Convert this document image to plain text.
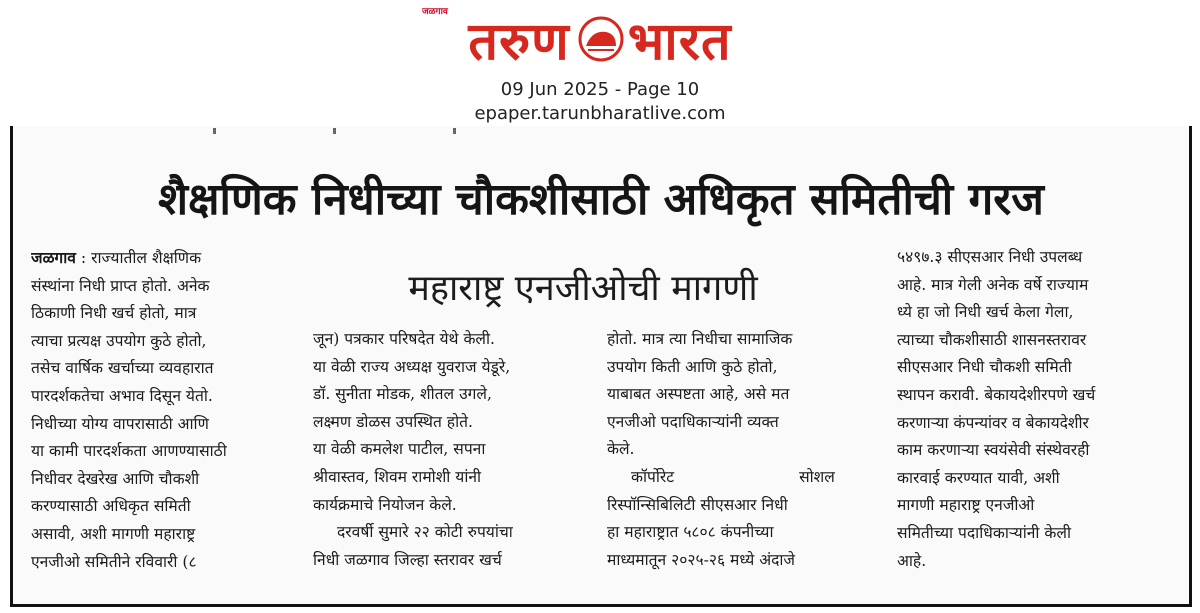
जळगाव तरुण भारत
09 Jun 2025 - Page 10
epaper.tarunbharatlive.com
शैक्षणिक निधीच्या चौकशीसाठी अधिकृत समितीची गरज
महाराष्ट्र एनजीओची मागणी
जळगाव : राज्यातील शैक्षणिक
संस्थांना निधी प्राप्त होतो. अनेक
ठिकाणी निधी खर्च होतो, मात्र
त्याचा प्रत्यक्ष उपयोग कुठे होतो,
तसेच वार्षिक खर्चाच्या व्यवहारात
पारदर्शकतेचा अभाव दिसून येतो.
निधीच्या योग्य वापरासाठी आणि
या कामी पारदर्शकता आणण्यासाठी
निधीवर देखरेख आणि चौकशी
करण्यासाठी अधिकृत समिती
असावी, अशी मागणी महाराष्ट्र
एनजीओ समितीने रविवारी (८
जून) पत्रकार परिषदेत येथे केली.
या वेळी राज्य अध्यक्ष युवराज येडूरे,
डॉ. सुनीता मोडक, शीतल उगले,
लक्ष्मण डोळस उपस्थित होते.
या वेळी कमलेश पाटील, सपना
श्रीवास्तव, शिवम रामोशी यांनी
कार्यक्रमाचे नियोजन केले.
दरवर्षी सुमारे २२ कोटी रुपयांचा
निधी जळगाव जिल्हा स्तरावर खर्च
होतो. मात्र त्या निधीचा सामाजिक
उपयोग किती आणि कुठे होतो,
याबाबत अस्पष्टता आहे, असे मत
एनजीओ पदाधिकाऱ्यांनी व्यक्त
केले.
कॉर्पोरेट सोशल
रिस्पॉन्सिबिलिटी सीएसआर निधी
हा महाराष्ट्रात ५८०८ कंपनीच्या
माध्यमातून २०२५-२६ मध्ये अंदाजे
५४९७.३ सीएसआर निधी उपलब्ध
आहे. मात्र गेली अनेक वर्षे राज्याम
ध्ये हा जो निधी खर्च केला गेला,
त्याच्या चौकशीसाठी शासनस्तरावर
सीएसआर निधी चौकशी समिती
स्थापन करावी. बेकायदेशीरपणे खर्च
करणाऱ्या कंपन्यांवर व बेकायदेशीर
काम करणाऱ्या स्वयंसेवी संस्थेवरही
कारवाई करण्यात यावी, अशी
मागणी महाराष्ट्र एनजीओ
समितीच्या पदाधिकाऱ्यांनी केली
आहे.
